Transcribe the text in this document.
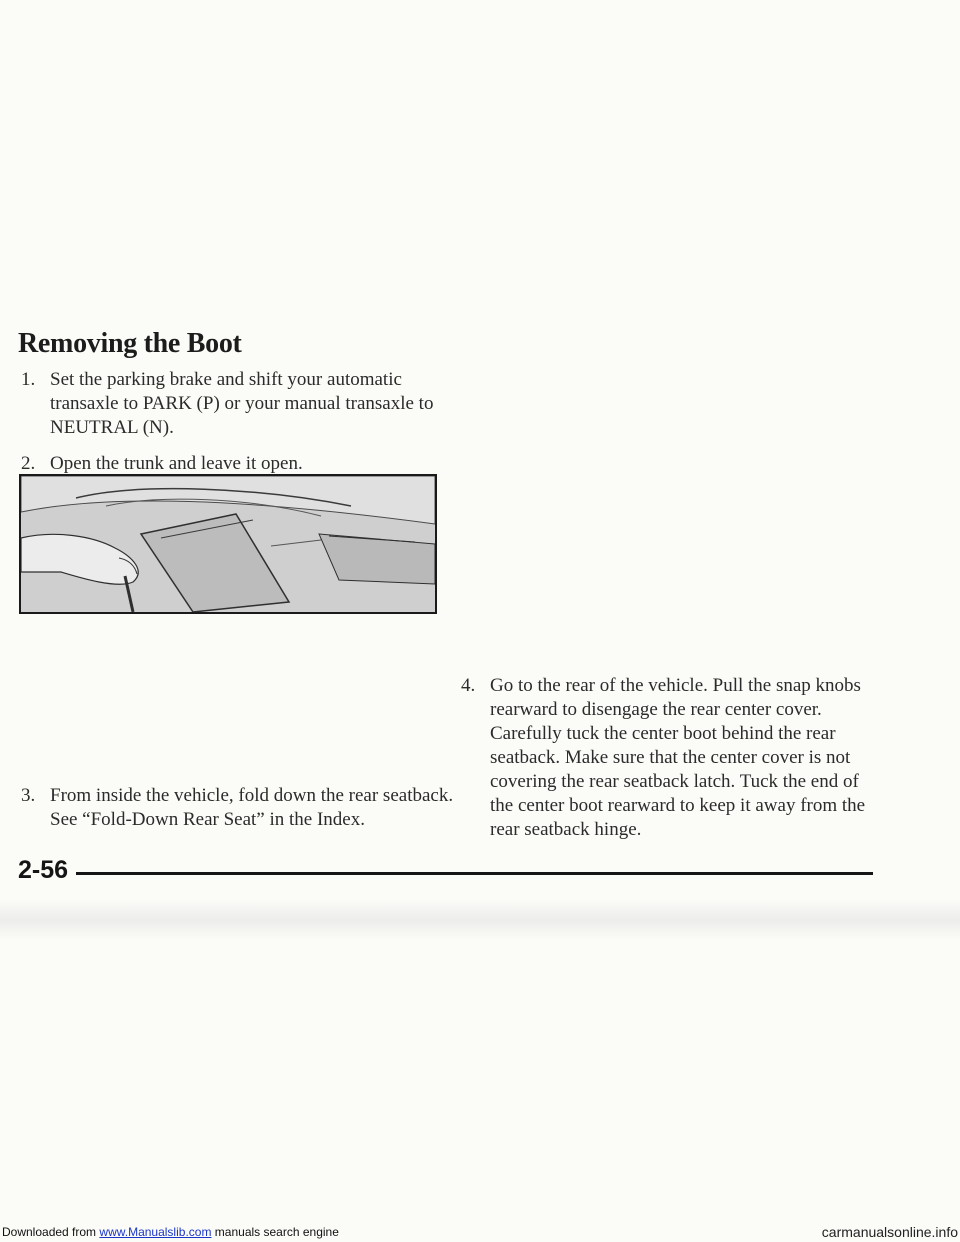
Removing the Boot
1. Set the parking brake and shift your automatic transaxle to PARK (P) or your manual transaxle to NEUTRAL (N).
2. Open the trunk and leave it open.
3. From inside the vehicle, fold down the rear seatback. See “Fold-Down Rear Seat” in the Index.
4. Go to the rear of the vehicle. Pull the snap knobs rearward to disengage the rear center cover. Carefully tuck the center boot behind the rear seatback. Make sure that the center cover is not covering the rear seatback latch. Tuck the end of the center boot rearward to keep it away from the rear seatback hinge.
2-56
Downloaded from www.Manualslib.com manuals search engine	carmanualsonline.info
